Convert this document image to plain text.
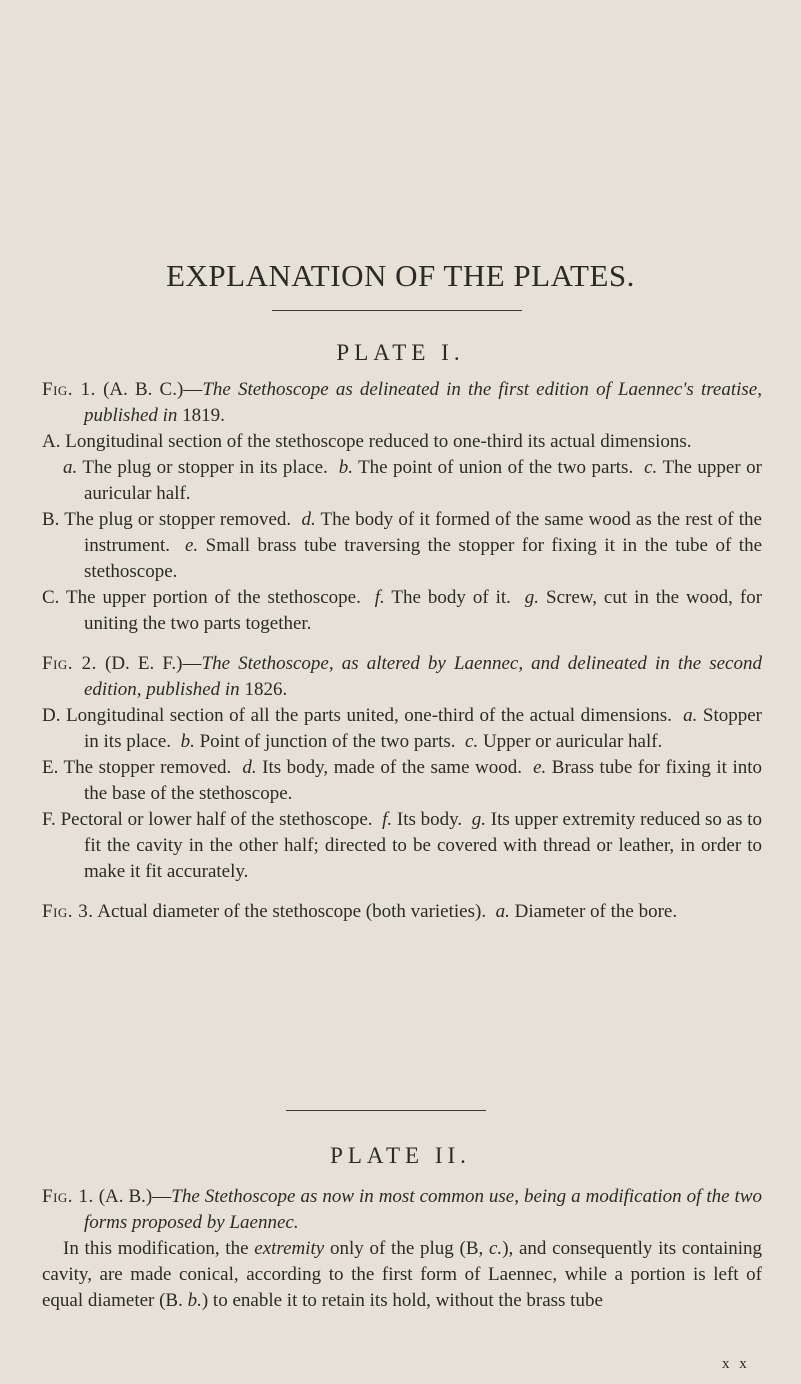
EXPLANATION OF THE PLATES.
PLATE I.

Fig. 1. (A. B. C.)—The Stethoscope as delineated in the first edition of Laennec's treatise, published in 1819.

A. Longitudinal section of the stethoscope reduced to one-third its actual dimensions.

a. The plug or stopper in its place. b. The point of union of the two parts. c. The upper or auricular half.

B. The plug or stopper removed. d. The body of it formed of the same wood as the rest of the instrument. e. Small brass tube traversing the stopper for fixing it in the tube of the stethoscope.

C. The upper portion of the stethoscope. f. The body of it. g. Screw, cut in the wood, for uniting the two parts together.

Fig. 2. (D. E. F.)—The Stethoscope, as altered by Laennec, and delineated in the second edition, published in 1826.

D. Longitudinal section of all the parts united, one-third of the actual dimensions. a. Stopper in its place. b. Point of junction of the two parts. c. Upper or auricular half.

E. The stopper removed. d. Its body, made of the same wood. e. Brass tube for fixing it into the base of the stethoscope.

F. Pectoral or lower half of the stethoscope. f. Its body. g. Its upper extremity reduced so as to fit the cavity in the other half; directed to be covered with thread or leather, in order to make it fit accurately.

Fig. 3. Actual diameter of the stethoscope (both varieties). a. Diameter of the bore.

PLATE II.

Fig. 1. (A. B.)—The Stethoscope as now in most common use, being a modification of the two forms proposed by Laennec.

In this modification, the extremity only of the plug (B, c.), and consequently its containing cavity, are made conical, according to the first form of Laennec, while a portion is left of equal diameter (B. b.) to enable it to retain its hold, without the brass tube

x x
